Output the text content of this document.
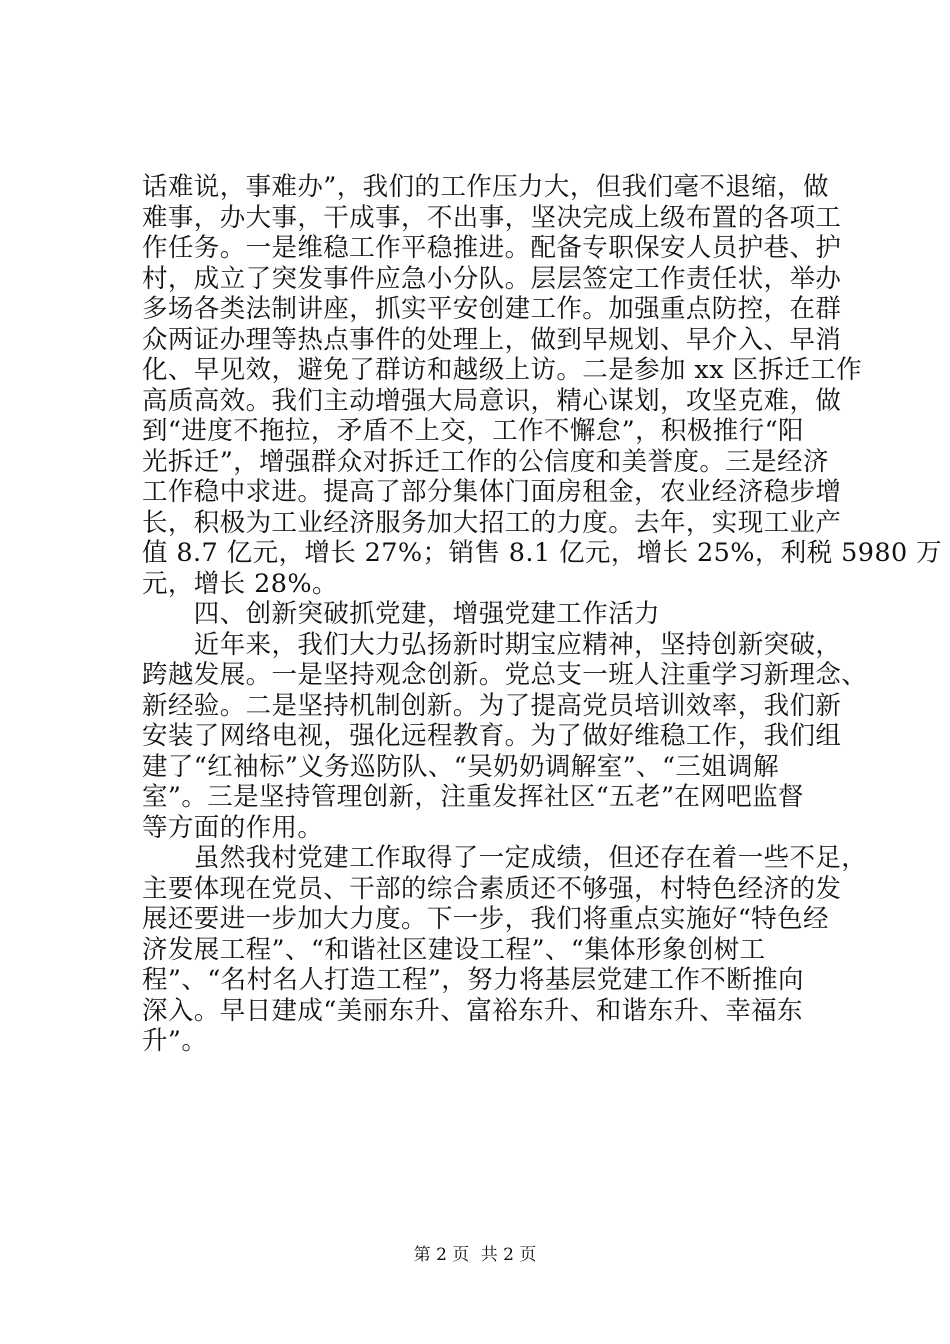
话难说，事难办”，我们的工作压力大，但我们毫不退缩，做
难事，办大事，干成事，不出事，坚决完成上级布置的各项工
作任务。一是维稳工作平稳推进。配备专职保安人员护巷、护
村，成立了突发事件应急小分队。层层签定工作责任状，举办
多场各类法制讲座，抓实平安创建工作。加强重点防控，在群
众两证办理等热点事件的处理上，做到早规划、早介入、早消
化、早见效，避免了群访和越级上访。二是参加 xx 区拆迁工作
高质高效。我们主动增强大局意识，精心谋划，攻坚克难，做
到“进度不拖拉，矛盾不上交，工作不懈怠”，积极推行“阳
光拆迁”，增强群众对拆迁工作的公信度和美誉度。三是经济
工作稳中求进。提高了部分集体门面房租金，农业经济稳步增
长，积极为工业经济服务加大招工的力度。去年，实现工业产
值 8.7 亿元，增长 27%；销售 8.1 亿元，增长 25%，利税 5980 万
元，增长 28%。
　　四、创新突破抓党建，增强党建工作活力
　　近年来，我们大力弘扬新时期宝应精神，坚持创新突破，
跨越发展。一是坚持观念创新。党总支一班人注重学习新理念、
新经验。二是坚持机制创新。为了提高党员培训效率，我们新
安装了网络电视，强化远程教育。为了做好维稳工作，我们组
建了“红袖标”义务巡防队、“吴奶奶调解室”、“三姐调解
室”。三是坚持管理创新，注重发挥社区“五老”在网吧监督
等方面的作用。
　　虽然我村党建工作取得了一定成绩，但还存在着一些不足，
主要体现在党员、干部的综合素质还不够强，村特色经济的发
展还要进一步加大力度。下一步，我们将重点实施好“特色经
济发展工程”、“和谐社区建设工程”、“集体形象创树工
程”、“名村名人打造工程”，努力将基层党建工作不断推向
深入。早日建成“美丽东升、富裕东升、和谐东升、幸福东
升”。
第 2 页 共 2 页
